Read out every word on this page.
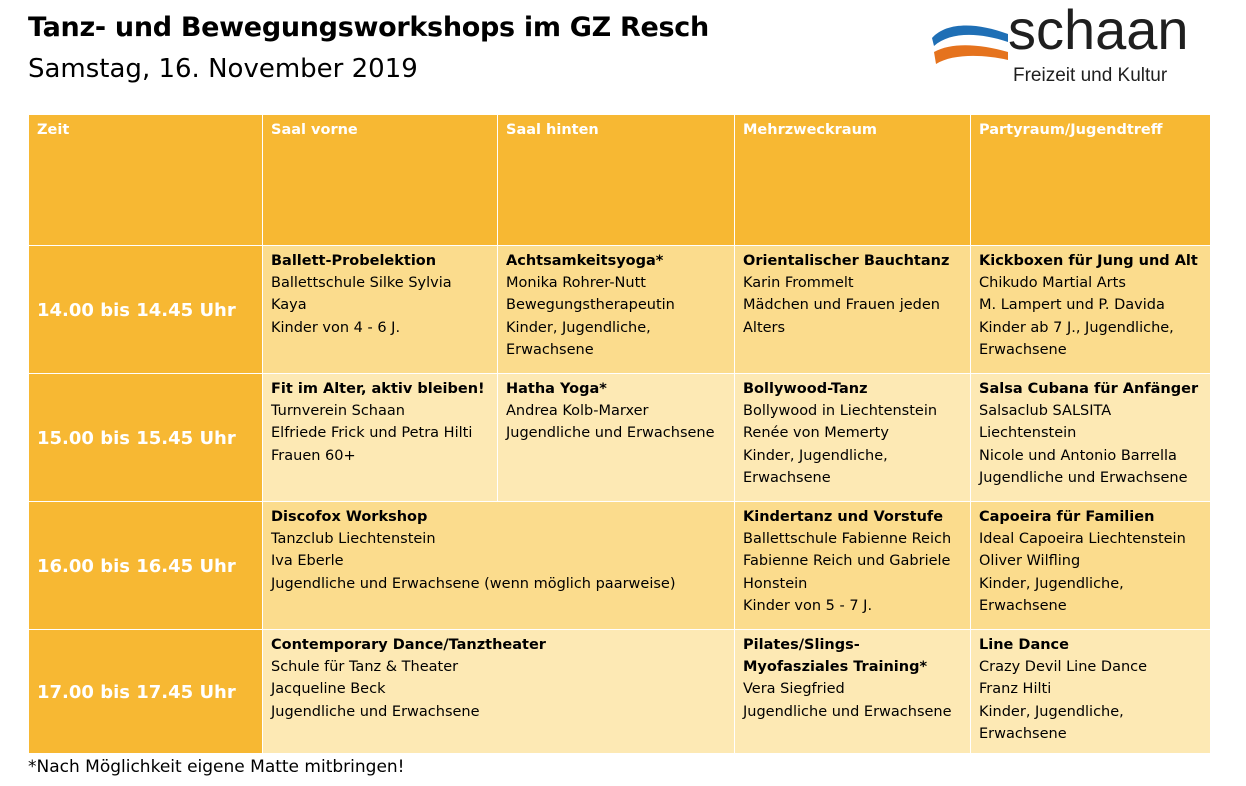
Tanz- und Bewegungsworkshops im GZ Resch
Samstag, 16. November 2019
schaan
Freizeit und Kultur
Zeit	Saal vorne	Saal hinten	Mehrzweckraum	Partyraum/Jugendtreff
14.00 bis 14.45 Uhr	Ballett-Probelektion
Ballettschule Silke Sylvia
Kaya
Kinder von 4 - 6 J.	Achtsamkeitsyoga*
Monika Rohrer-Nutt
Bewegungstherapeutin
Kinder, Jugendliche,
Erwachsene	Orientalischer Bauchtanz
Karin Frommelt
Mädchen und Frauen jeden
Alters	Kickboxen für Jung und Alt
Chikudo Martial Arts
M. Lampert und P. Davida
Kinder ab 7 J., Jugendliche,
Erwachsene

15.00 bis 15.45 Uhr	Fit im Alter, aktiv bleiben!
Turnverein Schaan
Elfriede Frick und Petra Hilti
Frauen 60+	Hatha Yoga*
Andrea Kolb-Marxer
Jugendliche und Erwachsene	Bollywood-Tanz
Bollywood in Liechtenstein
Renée von Memerty
Kinder, Jugendliche,
Erwachsene	Salsa Cubana für Anfänger
Salsaclub SALSITA
Liechtenstein
Nicole und Antonio Barrella
Jugendliche und Erwachsene

16.00 bis 16.45 Uhr	Discofox Workshop
Tanzclub Liechtenstein
Iva Eberle
Jugendliche und Erwachsene (wenn möglich paarweise)		Kindertanz und Vorstufe
Ballettschule Fabienne Reich
Fabienne Reich und Gabriele
Honstein
Kinder von 5 - 7 J.	Capoeira für Familien
Ideal Capoeira Liechtenstein
Oliver Wilfling
Kinder, Jugendliche,
Erwachsene

17.00 bis 17.45 Uhr	Contemporary Dance/Tanztheater
Schule für Tanz & Theater
Jacqueline Beck
Jugendliche und Erwachsene		Pilates/Slings-Myofasziales Training*
Vera Siegfried
Jugendliche und Erwachsene	Line Dance
Crazy Devil Line Dance
Franz Hilti
Kinder, Jugendliche,
Erwachsene
*Nach Möglichkeit eigene Matte mitbringen!
